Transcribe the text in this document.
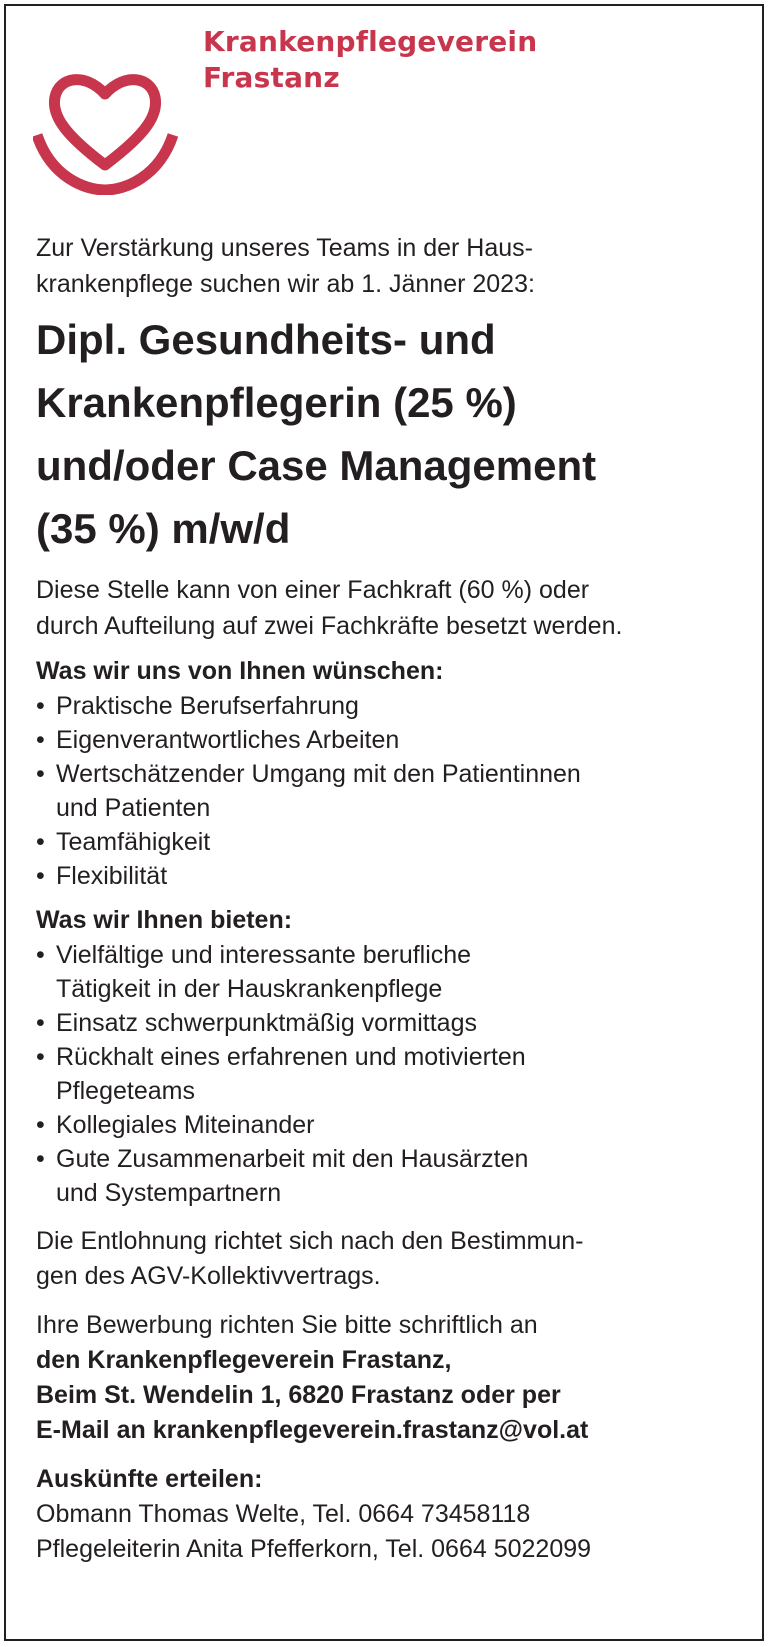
Krankenpflegeverein
Frastanz

Zur Verstärkung unseres Teams in der Haus-
krankenpflege suchen wir ab 1. Jänner 2023:

Dipl. Gesundheits- und
Krankenpflegerin (25 %)
und/oder Case Management
(35 %) m/w/d

Diese Stelle kann von einer Fachkraft (60 %) oder
durch Aufteilung auf zwei Fachkräfte besetzt werden.

Was wir uns von Ihnen wünschen:
• Praktische Berufserfahrung
• Eigenverantwortliches Arbeiten
• Wertschätzender Umgang mit den Patientinnen
und Patienten
• Teamfähigkeit
• Flexibilität
Was wir Ihnen bieten:
• Vielfältige und interessante berufliche
Tätigkeit in der Hauskrankenpflege
• Einsatz schwerpunktmäßig vormittags
• Rückhalt eines erfahrenen und motivierten
Pflegeteams
• Kollegiales Miteinander
• Gute Zusammenarbeit mit den Hausärzten
und Systempartnern

Die Entlohnung richtet sich nach den Bestimmun-
gen des AGV-Kollektivvertrags.

Ihre Bewerbung richten Sie bitte schriftlich an
den Krankenpflegeverein Frastanz,
Beim St. Wendelin 1, 6820 Frastanz oder per
E-Mail an krankenpflegeverein.frastanz@vol.at

Auskünfte erteilen:
Obmann Thomas Welte, Tel. 0664 73458118
Pflegeleiterin Anita Pfefferkorn, Tel. 0664 5022099
